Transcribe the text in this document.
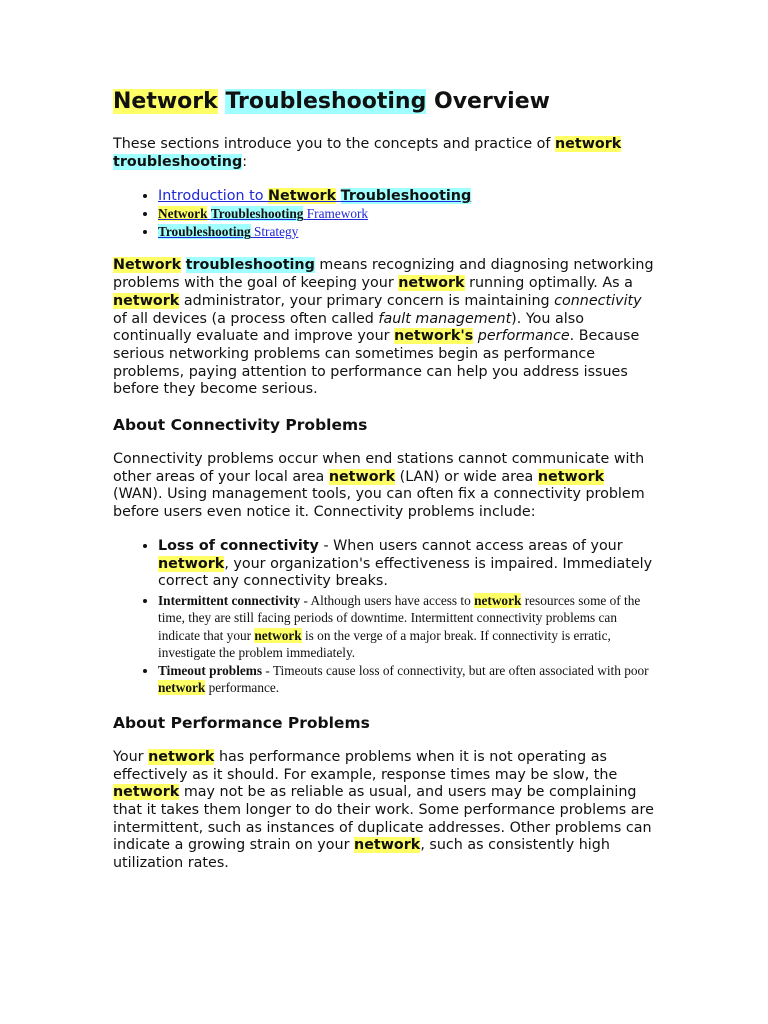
Network Troubleshooting Overview

These sections introduce you to the concepts and practice of network troubleshooting:

• Introduction to Network Troubleshooting
• Network Troubleshooting Framework
• Troubleshooting Strategy

Network troubleshooting means recognizing and diagnosing networking problems with the goal of keeping your network running optimally. As a network administrator, your primary concern is maintaining connectivity of all devices (a process often called fault management). You also continually evaluate and improve your network's performance. Because serious networking problems can sometimes begin as performance problems, paying attention to performance can help you address issues before they become serious.

About Connectivity Problems

Connectivity problems occur when end stations cannot communicate with other areas of your local area network (LAN) or wide area network (WAN). Using management tools, you can often fix a connectivity problem before users even notice it. Connectivity problems include:

• Loss of connectivity - When users cannot access areas of your network, your organization's effectiveness is impaired. Immediately correct any connectivity breaks.
• Intermittent connectivity - Although users have access to network resources some of the time, they are still facing periods of downtime. Intermittent connectivity problems can indicate that your network is on the verge of a major break. If connectivity is erratic, investigate the problem immediately.
• Timeout problems - Timeouts cause loss of connectivity, but are often associated with poor network performance.
About Performance Problems

Your network has performance problems when it is not operating as effectively as it should. For example, response times may be slow, the network may not be as reliable as usual, and users may be complaining that it takes them longer to do their work. Some performance problems are intermittent, such as instances of duplicate addresses. Other problems can indicate a growing strain on your network, such as consistently high utilization rates.
